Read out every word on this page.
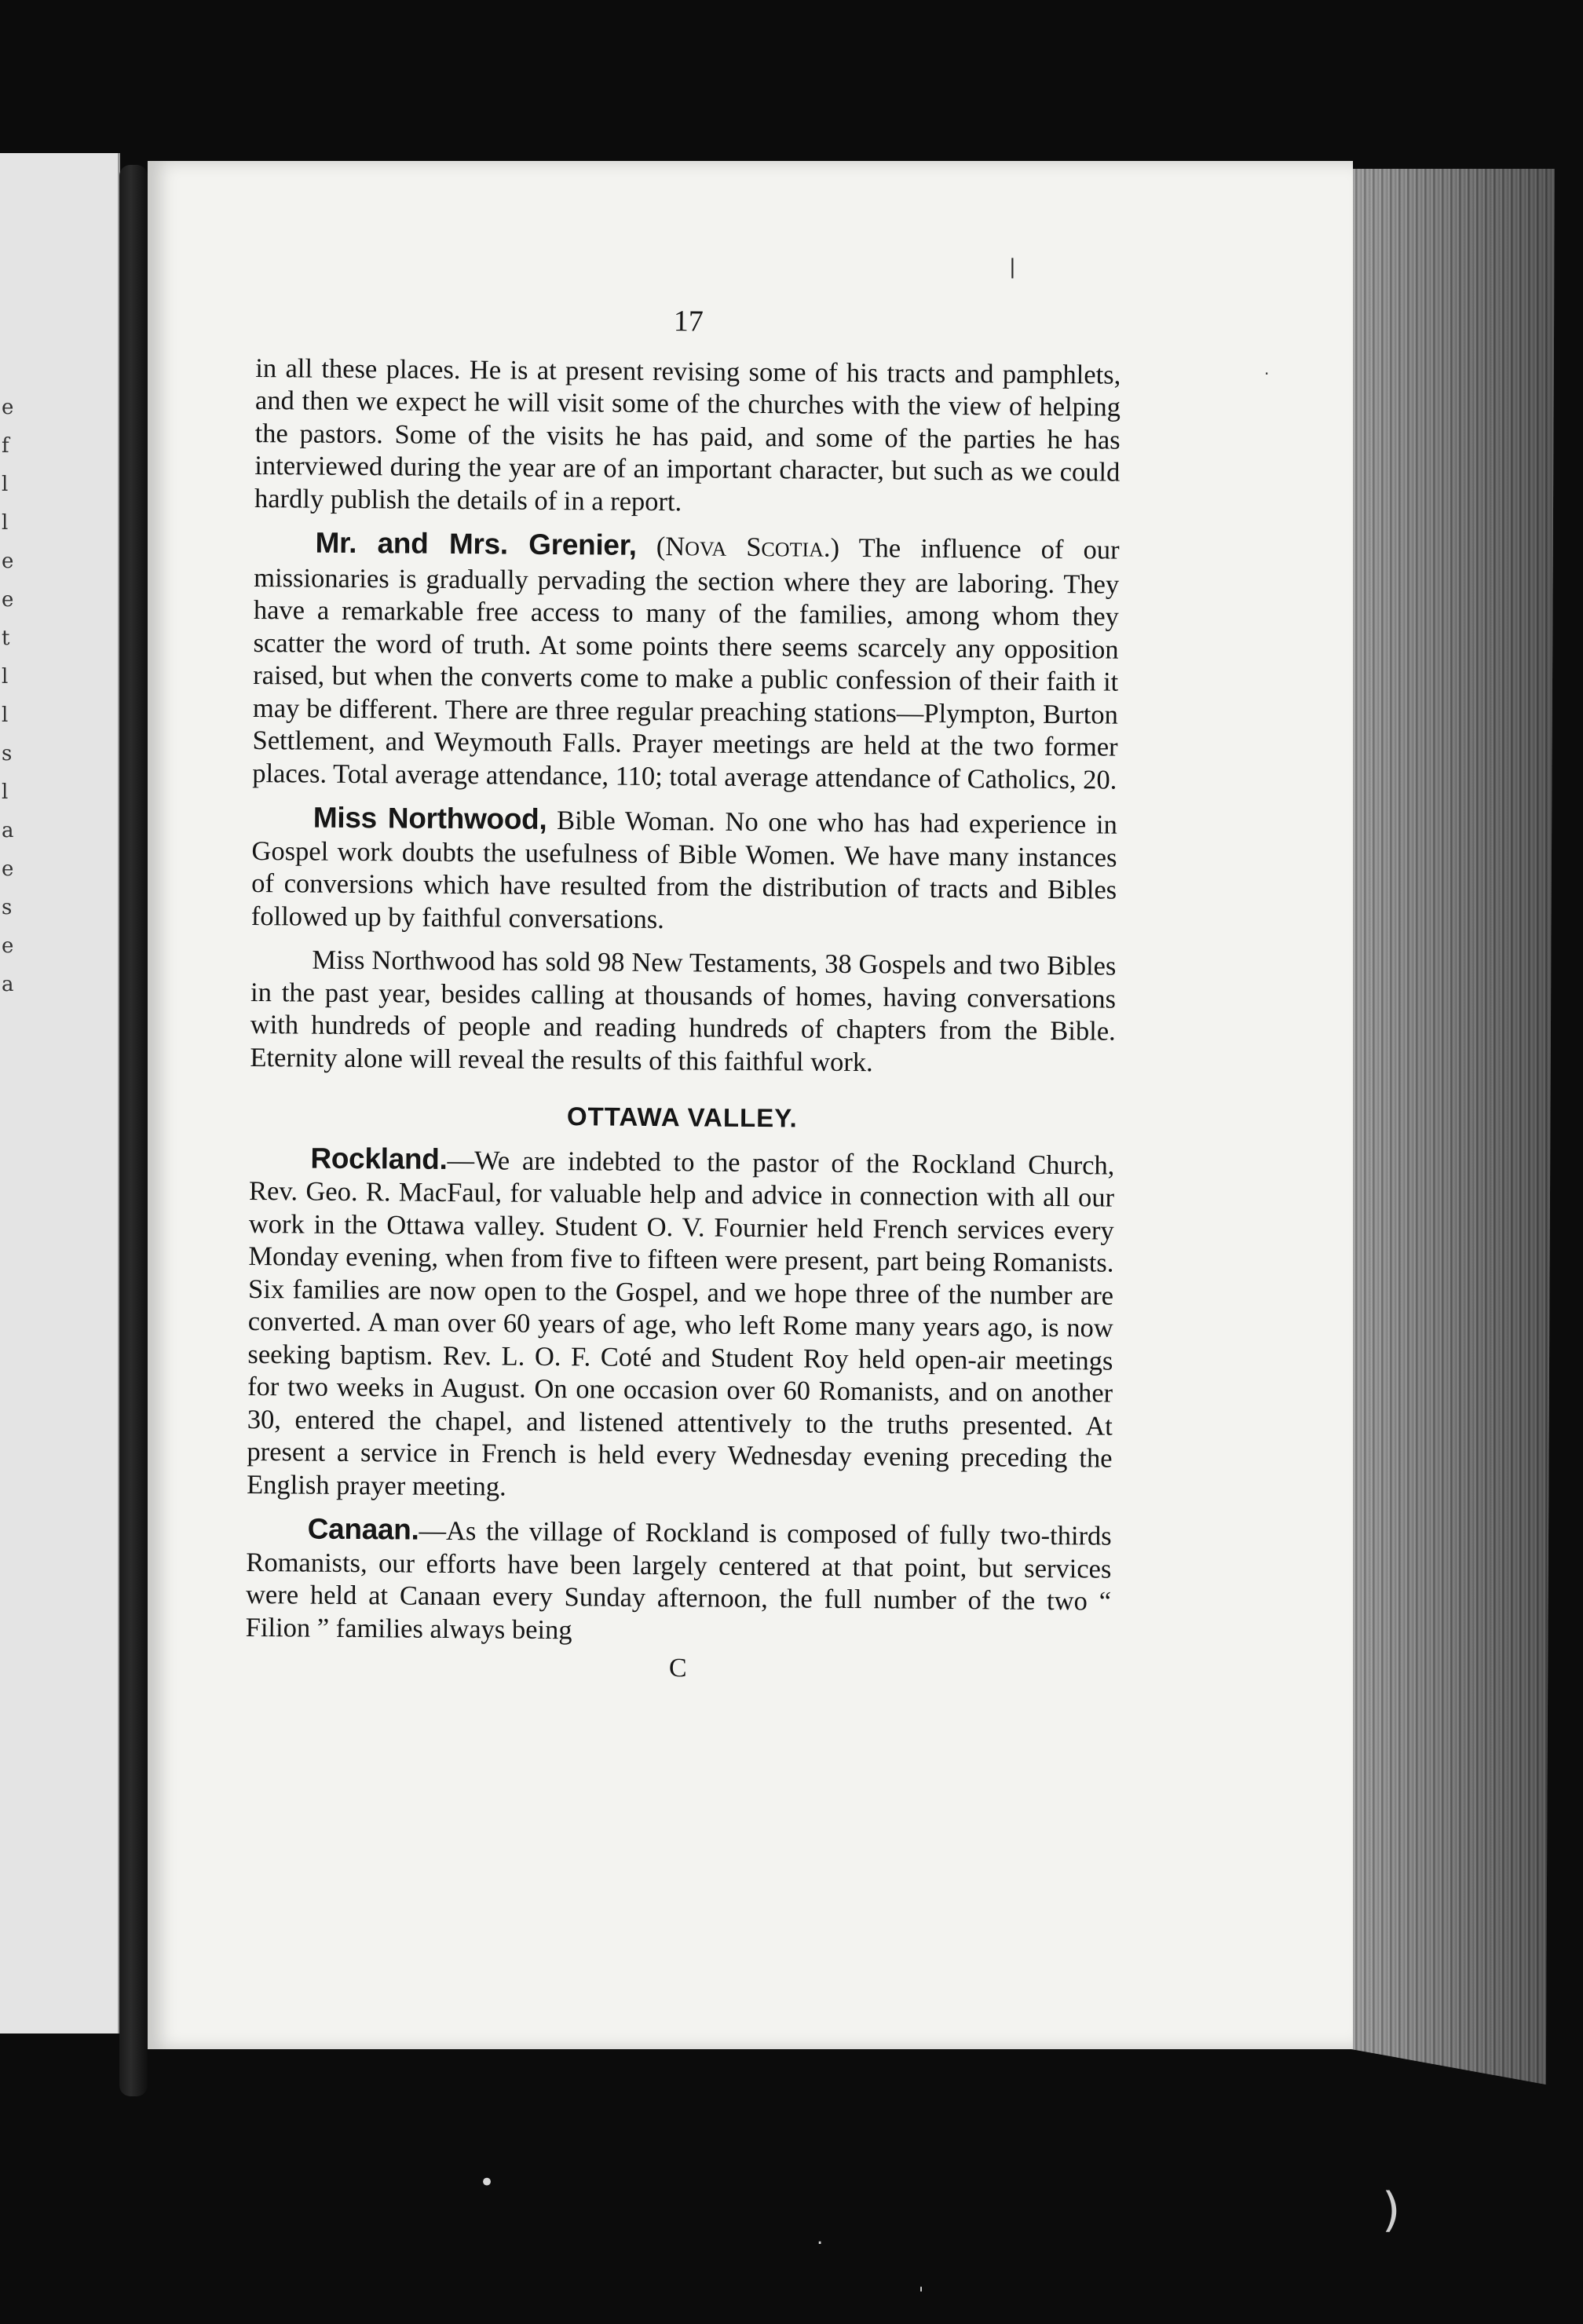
e
f
l
l
e
e
t
l
l
s
l
a
e
s
e
a
|
.
•
.	)
'
17

in all these places. He is at present revising some of his tracts and pamphlets, and then we expect he will visit some of the churches with the view of helping the pastors. Some of the visits he has paid, and some of the parties he has interviewed during the year are of an important character, but such as we could hardly publish the details of in a report.

Mr. and Mrs. Grenier, (NOVA SCOTIA.) The influence of our missionaries is gradually pervading the section where they are laboring. They have a remarkable free access to many of the families, among whom they scatter the word of truth. At some points there seems scarcely any opposition raised, but when the converts come to make a public confession of their faith it may be different. There are three regular preaching stations—Plympton, Burton Settlement, and Weymouth Falls. Prayer meetings are held at the two former places. Total average attendance, 110; total average attendance of Catholics, 20.

Miss Northwood, Bible Woman. No one who has had experience in Gospel work doubts the usefulness of Bible Women. We have many instances of conversions which have resulted from the distribution of tracts and Bibles followed up by faithful conversations.

Miss Northwood has sold 98 New Testaments, 38 Gospels and two Bibles in the past year, besides calling at thousands of homes, having conversations with hundreds of people and reading hundreds of chapters from the Bible. Eternity alone will reveal the results of this faithful work.

OTTAWA VALLEY.

Rockland.—We are indebted to the pastor of the Rockland Church, Rev. Geo. R. MacFaul, for valuable help and advice in connection with all our work in the Ottawa valley. Student O. V. Fournier held French services every Monday evening, when from five to fifteen were present, part being Romanists. Six families are now open to the Gospel, and we hope three of the number are converted. A man over 60 years of age, who left Rome many years ago, is now seeking baptism. Rev. L. O. F. Coté and Student Roy held open-air meetings for two weeks in August. On one occasion over 60 Romanists, and on another 30, entered the chapel, and listened attentively to the truths presented. At present a service in French is held every Wednesday evening preceding the English prayer meeting.

Canaan.—As the village of Rockland is composed of fully two-thirds Romanists, our efforts have been largely centered at that point, but services were held at Canaan every Sunday afternoon, the full number of the two “ Filion ” families always being

C
